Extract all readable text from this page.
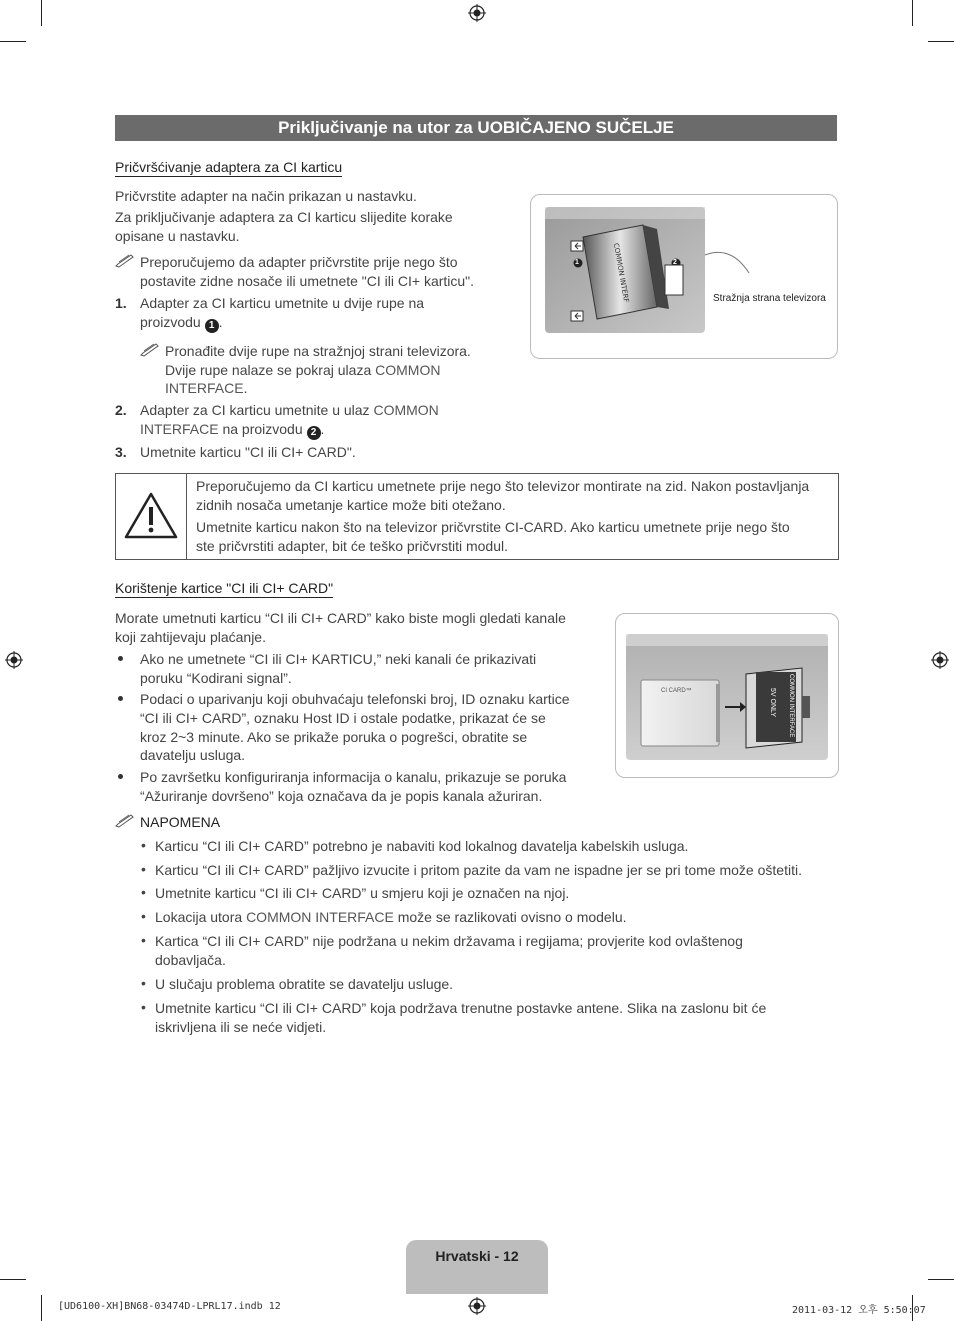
Priključivanje na utor za UOBIČAJENO SUČELJE
Pričvršćivanje adaptera za CI karticu
Pričvrstite adapter na način prikazan u nastavku.
Za priključivanje adaptera za CI karticu slijedite korake
opisane u nastavku.
Preporučujemo da adapter pričvrstite prije nego što
postavite zidne nosače ili umetnete "CI ili CI+ karticu".
1. Adapter za CI karticu umetnite u dvije rupe na
proizvodu 1 .
Pronađite dvije rupe na stražnjoj strani televizora.
Dvije rupe nalaze se pokraj ulaza COMMON
INTERFACE.
2. Adapter za CI karticu umetnite u ulaz COMMON
INTERFACE na proizvodu 2 .
3. Umetnite karticu "CI ili CI+ CARD".
COMMON INTERF
1	2
Stražnja strana televizora
Preporučujemo da CI karticu umetnete prije nego što televizor montirate na zid. Nakon postavljanja
zidnih nosača umetanje kartice može biti otežano.
Umetnite karticu nakon što na televizor pričvrstite CI-CARD. Ako karticu umetnete prije nego što
ste pričvrstiti adapter, bit će teško pričvrstiti modul.
Korištenje kartice "CI ili CI+ CARD"
Morate umetnuti karticu “CI ili CI+ CARD” kako biste mogli gledati kanale
koji zahtijevaju plaćanje.
Ako ne umetnete “CI ili CI+ KARTICU,” neki kanali će prikazivati
poruku “Kodirani signal”.
Podaci o uparivanju koji obuhvaćaju telefonski broj, ID oznaku kartice
“CI ili CI+ CARD”, oznaku Host ID i ostale podatke, prikazat će se
kroz 2~3 minute. Ako se prikaže poruka o pogrešci, obratite se
davatelju usluga.
Po završetku konfiguriranja informacija o kanalu, prikazuje se poruka
“Ažuriranje dovršeno” koja označava da je popis kanala ažuriran.
CI CARD™	COMMON INTERFACE
5V ONLY
NAPOMENA
• Karticu “CI ili CI+ CARD” potrebno je nabaviti kod lokalnog davatelja kabelskih usluga.
• Karticu “CI ili CI+ CARD” pažljivo izvucite i pritom pazite da vam ne ispadne jer se pri tome može oštetiti.
• Umetnite karticu “CI ili CI+ CARD” u smjeru koji je označen na njoj.
• Lokacija utora COMMON INTERFACE može se razlikovati ovisno o modelu.
• Kartica “CI ili CI+ CARD” nije podržana u nekim državama i regijama; provjerite kod ovlaštenog
dobavljača.
• U slučaju problema obratite se davatelju usluge.
• Umetnite karticu “CI ili CI+ CARD” koja podržava trenutne postavke antene. Slika na zaslonu bit će
iskrivljena ili se neće vidjeti.
Hrvatski - 12
[UD6100-XH]BN68-03474D-LPRL17.indb 12	2011-03-12 오후 5:50:07
